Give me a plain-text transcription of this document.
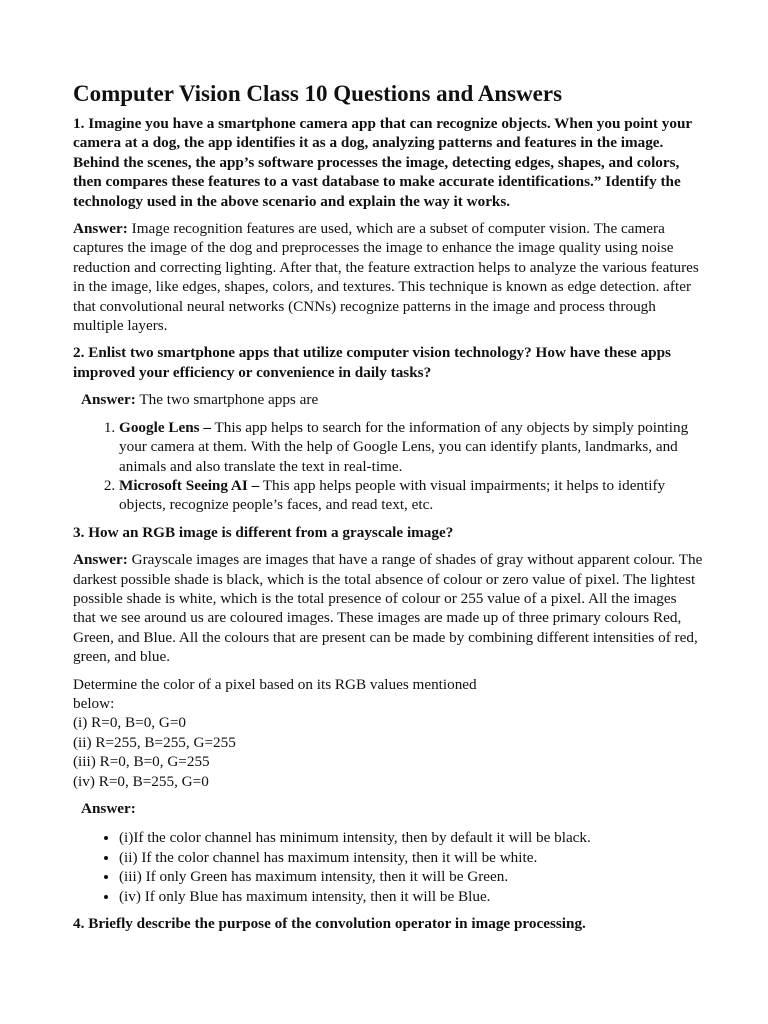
Computer Vision Class 10 Questions and Answers

1. Imagine you have a smartphone camera app that can recognize objects. When you point your camera at a dog, the app identifies it as a dog, analyzing patterns and features in the image. Behind the scenes, the app’s software processes the image, detecting edges, shapes, and colors, then compares these features to a vast database to make accurate identifications.” Identify the technology used in the above scenario and explain the way it works.

Answer: Image recognition features are used, which are a subset of computer vision. The camera captures the image of the dog and preprocesses the image to enhance the image quality using noise reduction and correcting lighting. After that, the feature extraction helps to analyze the various features in the image, like edges, shapes, colors, and textures. This technique is known as edge detection. after that convolutional neural networks (CNNs) recognize patterns in the image and process through multiple layers.

2. Enlist two smartphone apps that utilize computer vision technology? How have these apps improved your efficiency or convenience in daily tasks?

Answer: The two smartphone apps are

1. Google Lens – This app helps to search for the information of any objects by simply pointing your camera at them. With the help of Google Lens, you can identify plants, landmarks, and animals and also translate the text in real-time.
2. Microsoft Seeing AI – This app helps people with visual impairments; it helps to identify objects, recognize people’s faces, and read text, etc.

3. How an RGB image is different from a grayscale image?

Answer: Grayscale images are images that have a range of shades of gray without apparent colour. The darkest possible shade is black, which is the total absence of colour or zero value of pixel. The lightest possible shade is white, which is the total presence of colour or 255 value of a pixel. All the images that we see around us are coloured images. These images are made up of three primary colours Red, Green, and Blue. All the colours that are present can be made by combining different intensities of red, green, and blue.

Determine the color of a pixel based on its RGB values mentioned
below:
(i) R=0, B=0, G=0
(ii) R=255, B=255, G=255
(iii) R=0, B=0, G=255
(iv) R=0, B=255, G=0

Answer:

• (i)If the color channel has minimum intensity, then by default it will be black.
• (ii) If the color channel has maximum intensity, then it will be white.
• (iii) If only Green has maximum intensity, then it will be Green.
• (iv) If only Blue has maximum intensity, then it will be Blue.

4. Briefly describe the purpose of the convolution operator in image processing.
